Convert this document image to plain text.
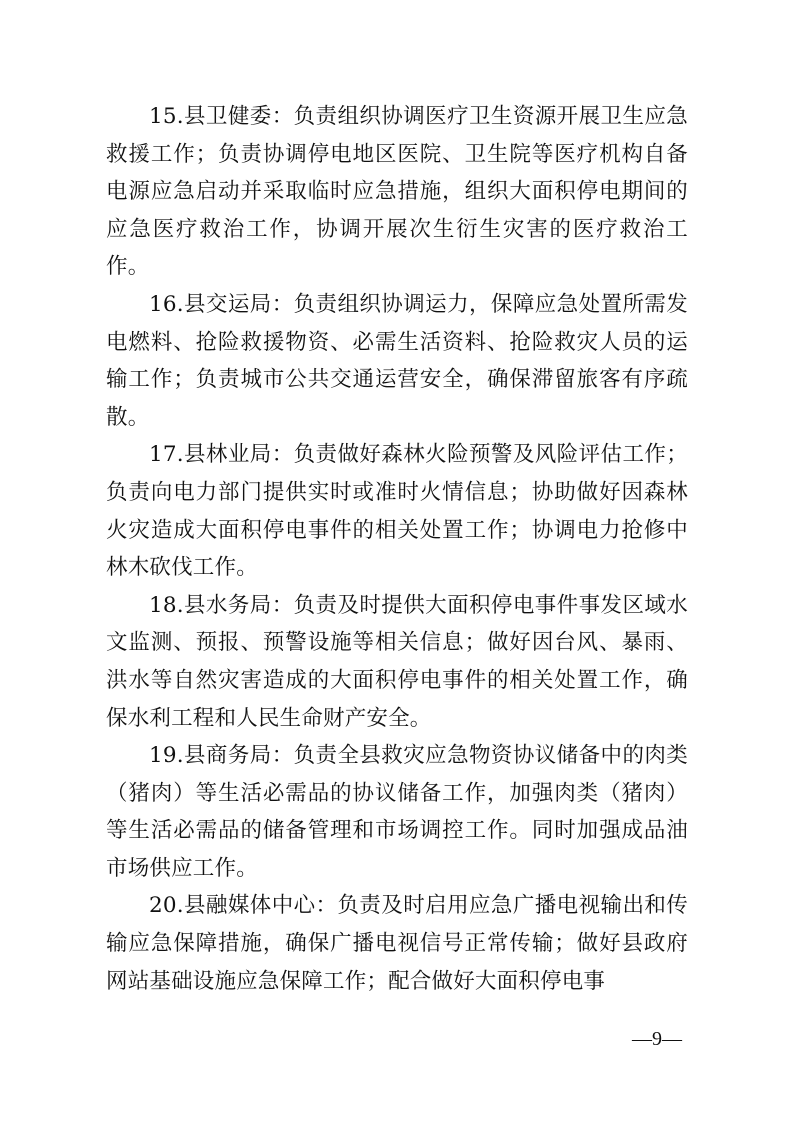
15.县卫健委：负责组织协调医疗卫生资源开展卫生应急救援工作；负责协调停电地区医院、卫生院等医疗机构自备电源应急启动并采取临时应急措施，组织大面积停电期间的应急医疗救治工作，协调开展次生衍生灾害的医疗救治工作。

16.县交运局：负责组织协调运力，保障应急处置所需发电燃料、抢险救援物资、必需生活资料、抢险救灾人员的运输工作；负责城市公共交通运营安全，确保滞留旅客有序疏散。

17.县林业局：负责做好森林火险预警及风险评估工作；负责向电力部门提供实时或准时火情信息；协助做好因森林火灾造成大面积停电事件的相关处置工作；协调电力抢修中林木砍伐工作。

18.县水务局：负责及时提供大面积停电事件事发区域水文监测、预报、预警设施等相关信息；做好因台风、暴雨、洪水等自然灾害造成的大面积停电事件的相关处置工作，确保水利工程和人民生命财产安全。

19.县商务局：负责全县救灾应急物资协议储备中的肉类（猪肉）等生活必需品的协议储备工作，加强肉类（猪肉）等生活必需品的储备管理和市场调控工作。同时加强成品油市场供应工作。

20.县融媒体中心：负责及时启用应急广播电视输出和传输应急保障措施，确保广播电视信号正常传输；做好县政府网站基础设施应急保障工作；配合做好大面积停电事

—9—
